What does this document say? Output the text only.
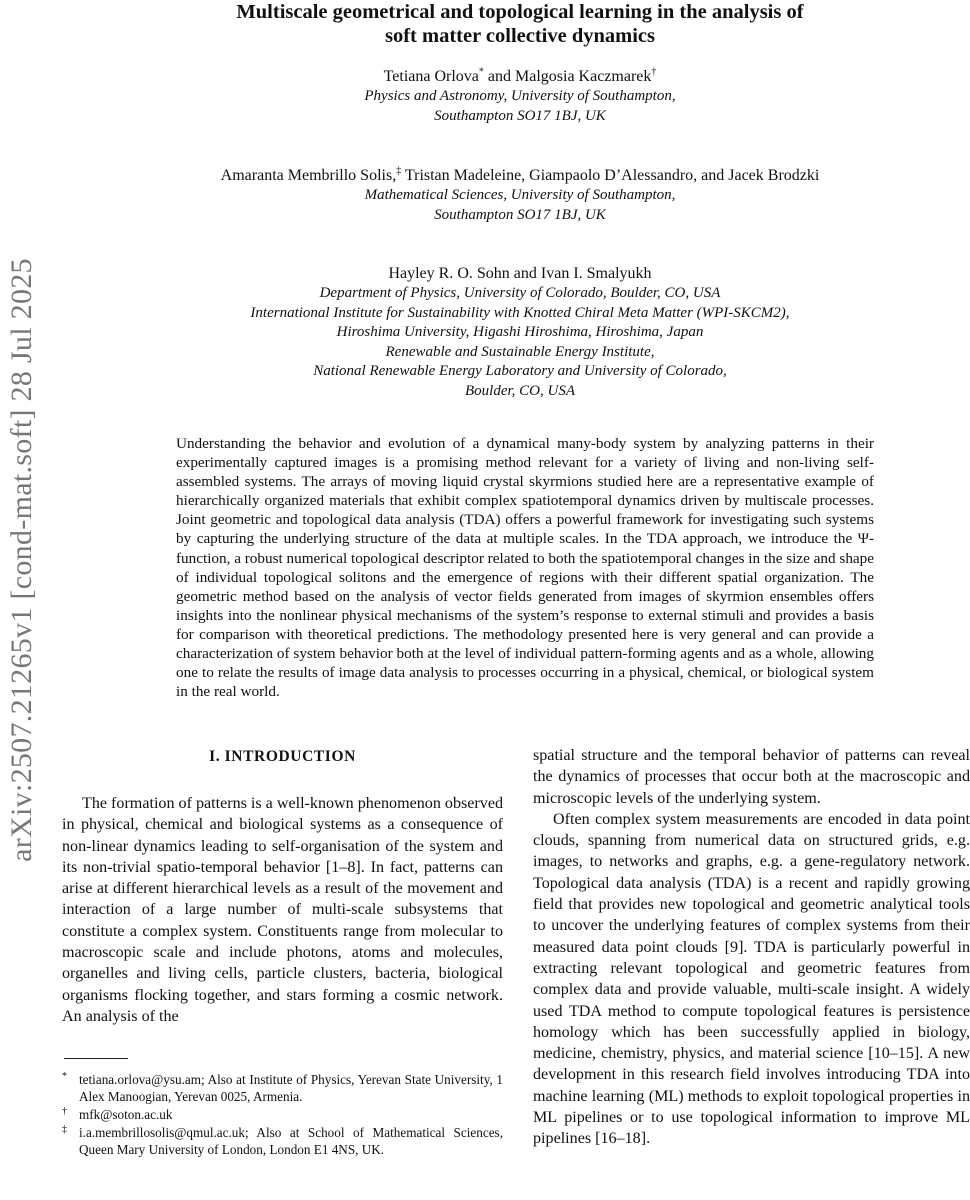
arXiv:2507.21265v1 [cond-mat.soft] 28 Jul 2025
Multiscale geometrical and topological learning in the analysis of
soft matter collective dynamics
Tetiana Orlova* and Malgosia Kaczmarek†
Physics and Astronomy, University of Southampton,
Southampton SO17 1BJ, UK
Amaranta Membrillo Solis,‡ Tristan Madeleine, Giampaolo D’Alessandro, and Jacek Brodzki
Mathematical Sciences, University of Southampton,
Southampton SO17 1BJ, UK
Hayley R. O. Sohn and Ivan I. Smalyukh
Department of Physics, University of Colorado, Boulder, CO, USA
International Institute for Sustainability with Knotted Chiral Meta Matter (WPI-SKCM2),
Hiroshima University, Higashi Hiroshima, Hiroshima, Japan
Renewable and Sustainable Energy Institute,
National Renewable Energy Laboratory and University of Colorado,
Boulder, CO, USA

Understanding the behavior and evolution of a dynamical many-body system by analyzing patterns in their experimentally captured images is a promising method relevant for a variety of living and non-living self-assembled systems. The arrays of moving liquid crystal skyrmions studied here are a representative example of hierarchically organized materials that exhibit complex spatiotemporal dynamics driven by multiscale processes. Joint geometric and topological data analysis (TDA) offers a powerful framework for investigating such systems by capturing the underlying structure of the data at multiple scales. In the TDA approach, we introduce the Ψ-function, a robust numerical topological descriptor related to both the spatiotemporal changes in the size and shape of individual topological solitons and the emergence of regions with their different spatial organization. The geometric method based on the analysis of vector fields generated from images of skyrmion ensembles offers insights into the nonlinear physical mechanisms of the system’s response to external stimuli and provides a basis for comparison with theoretical predictions. The methodology presented here is very general and can provide a characterization of system behavior both at the level of individual pattern-forming agents and as a whole, allowing one to relate the results of image data analysis to processes occurring in a physical, chemical, or biological system in the real world.

I. INTRODUCTION

The formation of patterns is a well-known phenomenon observed in physical, chemical and biological systems as a consequence of non-linear dynamics leading to self-organisation of the system and its non-trivial spatio-temporal behavior [1–8]. In fact, patterns can arise at different hierarchical levels as a result of the movement and interaction of a large number of multi-scale subsystems that constitute a complex system. Constituents range from molecular to macroscopic scale and include photons, atoms and molecules, organelles and living cells, particle clusters, bacteria, biological organisms flocking together, and stars forming a cosmic network. An analysis of the

* tetiana.orlova@ysu.am; Also at Institute of Physics, Yerevan State University, 1 Alex Manoogian, Yerevan 0025, Armenia.
† mfk@soton.ac.uk
‡ i.a.membrillosolis@qmul.ac.uk; Also at School of Mathematical Sciences, Queen Mary University of London, London E1 4NS, UK.

spatial structure and the temporal behavior of patterns can reveal the dynamics of processes that occur both at the macroscopic and microscopic levels of the underlying system.

Often complex system measurements are encoded in data point clouds, spanning from numerical data on structured grids, e.g. images, to networks and graphs, e.g. a gene-regulatory network. Topological data analysis (TDA) is a recent and rapidly growing field that provides new topological and geometric analytical tools to uncover the underlying features of complex systems from their measured data point clouds [9]. TDA is particularly powerful in extracting relevant topological and geometric features from complex data and provide valuable, multi-scale insight. A widely used TDA method to compute topological features is persistence homology which has been successfully applied in biology, medicine, chemistry, physics, and material science [10–15]. A new development in this research field involves introducing TDA into machine learning (ML) methods to exploit topological properties in ML pipelines or to use topological information to improve ML pipelines [16–18].
